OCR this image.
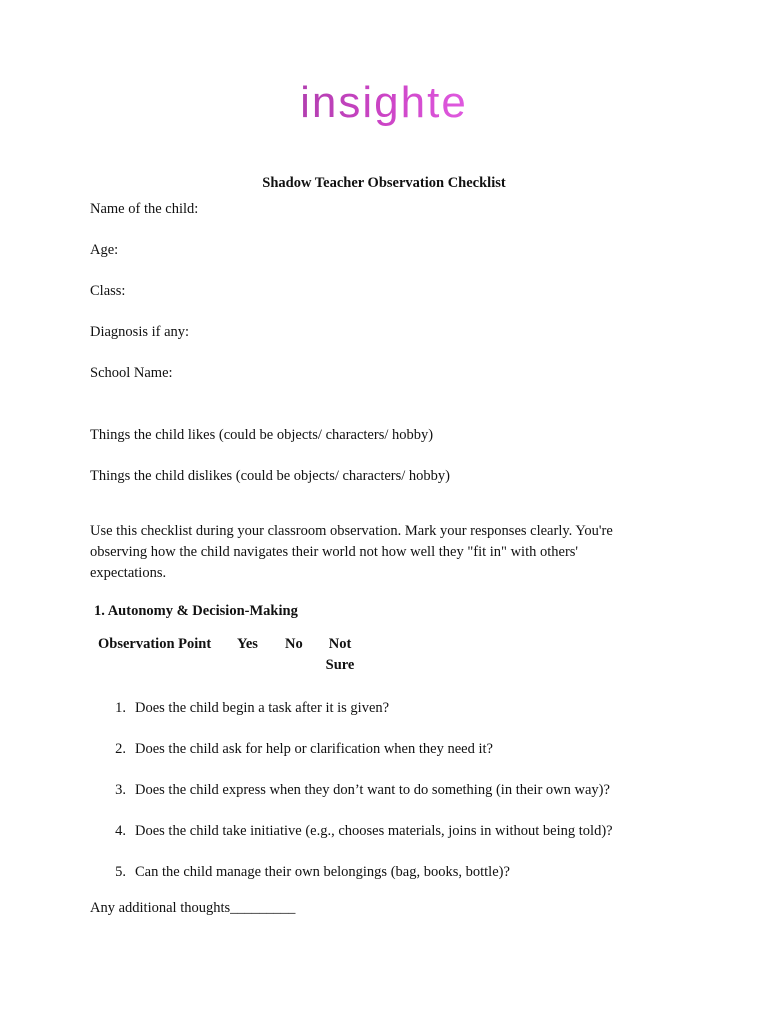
insighte
Shadow Teacher Observation Checklist
Name of the child:
Age:
Class:
Diagnosis if any:
School Name:
Things the child likes (could be objects/ characters/ hobby)
Things the child dislikes (could be objects/ characters/ hobby)
Use this checklist during your classroom observation. Mark your responses clearly. You're observing how the child navigates their world not how well they "fit in" with others' expectations.
1. Autonomy & Decision-Making
Observation Point Yes No	Not Sure
1. Does the child begin a task after it is given?
2. Does the child ask for help or clarification when they need it?
3. Does the child express when they don’t want to do something (in their own way)?
4. Does the child take initiative (e.g., chooses materials, joins in without being told)?
5. Can the child manage their own belongings (bag, books, bottle)?
Any additional thoughts_________
